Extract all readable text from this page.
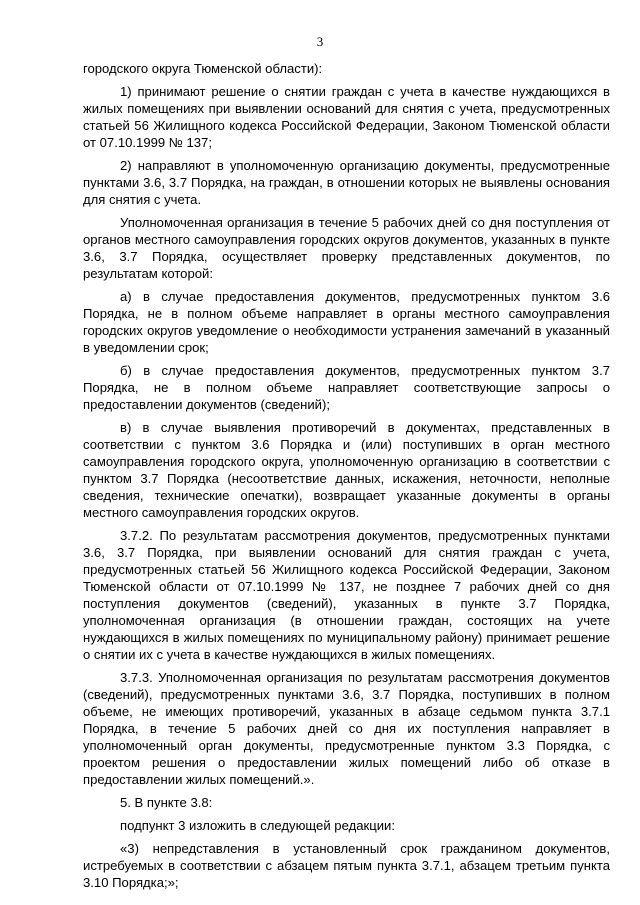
3

городского округа Тюменской области):

1) принимают решение о снятии граждан с учета в качестве нуждающихся в жилых помещениях при выявлении оснований для снятия с учета, предусмотренных статьей 56 Жилищного кодекса Российской Федерации, Законом Тюменской области от 07.10.1999 № 137;

2) направляют в уполномоченную организацию документы, предусмотренные пунктами 3.6, 3.7 Порядка, на граждан, в отношении которых не выявлены основания для снятия с учета.

Уполномоченная организация в течение 5 рабочих дней со дня поступления от органов местного самоуправления городских округов документов, указанных в пункте 3.6, 3.7 Порядка, осуществляет проверку представленных документов, по результатам которой:

а) в случае предоставления документов, предусмотренных пунктом 3.6 Порядка, не в полном объеме направляет в органы местного самоуправления городских округов уведомление о необходимости устранения замечаний в указанный в уведомлении срок;

б) в случае предоставления документов, предусмотренных пунктом 3.7 Порядка, не в полном объеме направляет соответствующие запросы о предоставлении документов (сведений);

в) в случае выявления противоречий в документах, представленных в соответствии с пунктом 3.6 Порядка и (или) поступивших в орган местного самоуправления городского округа, уполномоченную организацию в соответствии с пунктом 3.7 Порядка (несоответствие данных, искажения, неточности, неполные сведения, технические опечатки), возвращает указанные документы в органы местного самоуправления городских округов.

3.7.2. По результатам рассмотрения документов, предусмотренных пунктами 3.6, 3.7 Порядка, при выявлении оснований для снятия граждан с учета, предусмотренных статьей 56 Жилищного кодекса Российской Федерации, Законом Тюменской области от 07.10.1999 № 137, не позднее 7 рабочих дней со дня поступления документов (сведений), указанных в пункте 3.7 Порядка, уполномоченная организация (в отношении граждан, состоящих на учете нуждающихся в жилых помещениях по муниципальному району) принимает решение о снятии их с учета в качестве нуждающихся в жилых помещениях.

3.7.3. Уполномоченная организация по результатам рассмотрения документов (сведений), предусмотренных пунктами 3.6, 3.7 Порядка, поступивших в полном объеме, не имеющих противоречий, указанных в абзаце седьмом пункта 3.7.1 Порядка, в течение 5 рабочих дней со дня их поступления направляет в уполномоченный орган документы, предусмотренные пунктом 3.3 Порядка, с проектом решения о предоставлении жилых помещений либо об отказе в предоставлении жилых помещений.».

5. В пункте 3.8:

подпункт 3 изложить в следующей редакции:

«3) непредставления в установленный срок гражданином документов, истребуемых в соответствии с абзацем пятым пункта 3.7.1, абзацем третьим пункта 3.10 Порядка;»;
